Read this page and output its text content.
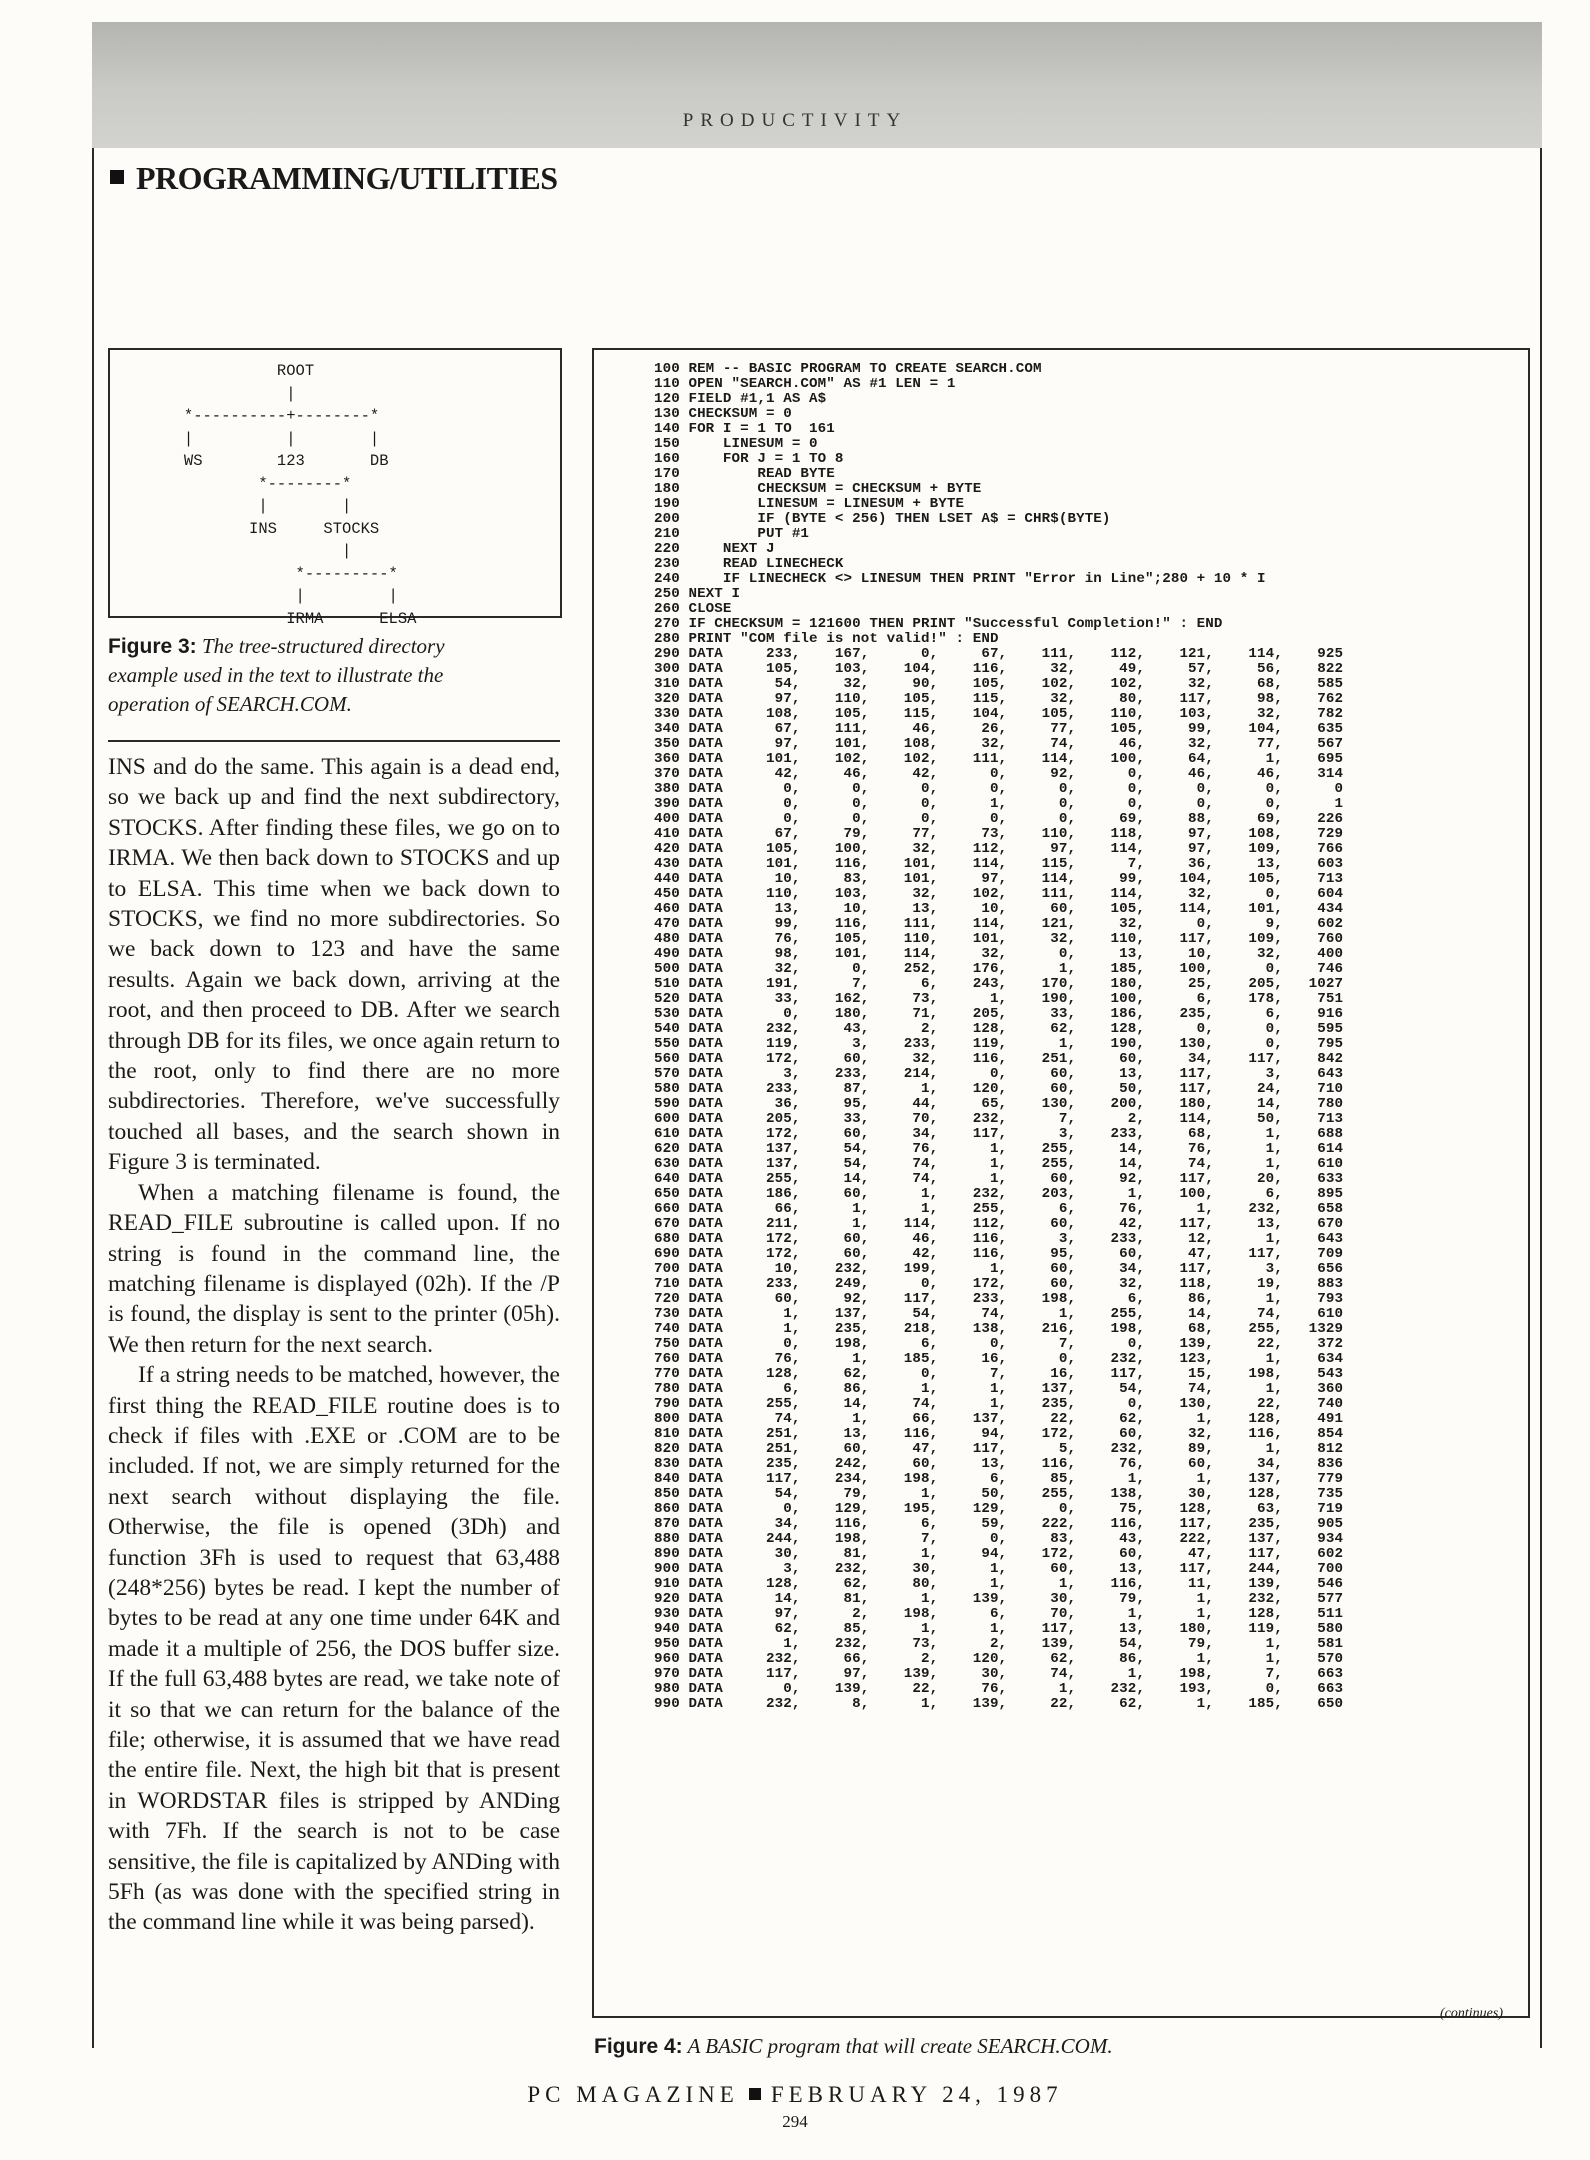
PRODUCTIVITY
PROGRAMMING/UTILITIES
ROOT
|
*----------+--------*
|          |        |
WS        123       DB
*--------*
|        |
INS     STOCKS
|
*---------*
|         |
IRMA      ELSA
Figure 3: The tree-structured directory example used in the text to illustrate the operation of SEARCH.COM.

INS and do the same. This again is a dead end, so we back up and find the next subdirectory, STOCKS. After finding these files, we go on to IRMA. We then back down to STOCKS and up to ELSA. This time when we back down to STOCKS, we find no more subdirectories. So we back down to 123 and have the same results. Again we back down, arriving at the root, and then proceed to DB. After we search through DB for its files, we once again return to the root, only to find there are no more subdirectories. Therefore, we've successfully touched all bases, and the search shown in Figure 3 is terminated.

When a matching filename is found, the READ_FILE subroutine is called upon. If no string is found in the command line, the matching filename is displayed (02h). If the /P is found, the display is sent to the printer (05h). We then return for the next search.

If a string needs to be matched, however, the first thing the READ_FILE routine does is to check if files with .EXE or .COM are to be included. If not, we are simply returned for the next search without displaying the file. Otherwise, the file is opened (3Dh) and function 3Fh is used to request that 63,488 (248*256) bytes be read. I kept the number of bytes to be read at any one time under 64K and made it a multiple of 256, the DOS buffer size. If the full 63,488 bytes are read, we take note of it so that we can return for the balance of the file; otherwise, it is assumed that we have read the entire file. Next, the high bit that is present in WORDSTAR files is stripped by ANDing with 7Fh. If the search is not to be case sensitive, the file is capitalized by ANDing with 5Fh (as was done with the specified string in the command line while it was being parsed).

100 REM -- BASIC PROGRAM TO CREATE SEARCH.COM
110 OPEN "SEARCH.COM" AS #1 LEN = 1
120 FIELD #1,1 AS A$
130 CHECKSUM = 0
140 FOR I = 1 TO  161
150     LINESUM = 0
160     FOR J = 1 TO 8
170         READ BYTE
180         CHECKSUM = CHECKSUM + BYTE
190         LINESUM = LINESUM + BYTE
200         IF (BYTE < 256) THEN LSET A$ = CHR$(BYTE)
210         PUT #1
220     NEXT J
230     READ LINECHECK
240     IF LINECHECK <> LINESUM THEN PRINT "Error in Line";280 + 10 * I
250 NEXT I
260 CLOSE
270 IF CHECKSUM = 121600 THEN PRINT "Successful Completion!" : END
280 PRINT "COM file is not valid!" : END
290 DATA     233,    167,      0,     67,    111,    112,    121,    114,    925
300 DATA     105,    103,    104,    116,     32,     49,     57,     56,    822
310 DATA      54,     32,     90,    105,    102,    102,     32,     68,    585
320 DATA      97,    110,    105,    115,     32,     80,    117,     98,    762
330 DATA     108,    105,    115,    104,    105,    110,    103,     32,    782
340 DATA      67,    111,     46,     26,     77,    105,     99,    104,    635
350 DATA      97,    101,    108,     32,     74,     46,     32,     77,    567
360 DATA     101,    102,    102,    111,    114,    100,     64,      1,    695
370 DATA      42,     46,     42,      0,     92,      0,     46,     46,    314
380 DATA       0,      0,      0,      0,      0,      0,      0,      0,      0
390 DATA       0,      0,      0,      1,      0,      0,      0,      0,      1
400 DATA       0,      0,      0,      0,      0,     69,     88,     69,    226
410 DATA      67,     79,     77,     73,    110,    118,     97,    108,    729
420 DATA     105,    100,     32,    112,     97,    114,     97,    109,    766
430 DATA     101,    116,    101,    114,    115,      7,     36,     13,    603
440 DATA      10,     83,    101,     97,    114,     99,    104,    105,    713
450 DATA     110,    103,     32,    102,    111,    114,     32,      0,    604
460 DATA      13,     10,     13,     10,     60,    105,    114,    101,    434
470 DATA      99,    116,    111,    114,    121,     32,      0,      9,    602
480 DATA      76,    105,    110,    101,     32,    110,    117,    109,    760
490 DATA      98,    101,    114,     32,      0,     13,     10,     32,    400
500 DATA      32,      0,    252,    176,      1,    185,    100,      0,    746
510 DATA     191,      7,      6,    243,    170,    180,     25,    205,   1027
520 DATA      33,    162,     73,      1,    190,    100,      6,    178,    751
530 DATA       0,    180,     71,    205,     33,    186,    235,      6,    916
540 DATA     232,     43,      2,    128,     62,    128,      0,      0,    595
550 DATA     119,      3,    233,    119,      1,    190,    130,      0,    795
560 DATA     172,     60,     32,    116,    251,     60,     34,    117,    842
570 DATA       3,    233,    214,      0,     60,     13,    117,      3,    643
580 DATA     233,     87,      1,    120,     60,     50,    117,     24,    710
590 DATA      36,     95,     44,     65,    130,    200,    180,     14,    780
600 DATA     205,     33,     70,    232,      7,      2,    114,     50,    713
610 DATA     172,     60,     34,    117,      3,    233,     68,      1,    688
620 DATA     137,     54,     76,      1,    255,     14,     76,      1,    614
630 DATA     137,     54,     74,      1,    255,     14,     74,      1,    610
640 DATA     255,     14,     74,      1,     60,     92,    117,     20,    633
650 DATA     186,     60,      1,    232,    203,      1,    100,      6,    895
660 DATA      66,      1,      1,    255,      6,     76,      1,    232,    658
670 DATA     211,      1,    114,    112,     60,     42,    117,     13,    670
680 DATA     172,     60,     46,    116,      3,    233,     12,      1,    643
690 DATA     172,     60,     42,    116,     95,     60,     47,    117,    709
700 DATA      10,    232,    199,      1,     60,     34,    117,      3,    656
710 DATA     233,    249,      0,    172,     60,     32,    118,     19,    883
720 DATA      60,     92,    117,    233,    198,      6,     86,      1,    793
730 DATA       1,    137,     54,     74,      1,    255,     14,     74,    610
740 DATA       1,    235,    218,    138,    216,    198,     68,    255,   1329
750 DATA       0,    198,      6,      0,      7,      0,    139,     22,    372
760 DATA      76,      1,    185,     16,      0,    232,    123,      1,    634
770 DATA     128,     62,      0,      7,     16,    117,     15,    198,    543
780 DATA       6,     86,      1,      1,    137,     54,     74,      1,    360
790 DATA     255,     14,     74,      1,    235,      0,    130,     22,    740
800 DATA      74,      1,     66,    137,     22,     62,      1,    128,    491
810 DATA     251,     13,    116,     94,    172,     60,     32,    116,    854
820 DATA     251,     60,     47,    117,      5,    232,     89,      1,    812
830 DATA     235,    242,     60,     13,    116,     76,     60,     34,    836
840 DATA     117,    234,    198,      6,     85,      1,      1,    137,    779
850 DATA      54,     79,      1,     50,    255,    138,     30,    128,    735
860 DATA       0,    129,    195,    129,      0,     75,    128,     63,    719
870 DATA      34,    116,      6,     59,    222,    116,    117,    235,    905
880 DATA     244,    198,      7,      0,     83,     43,    222,    137,    934
890 DATA      30,     81,      1,     94,    172,     60,     47,    117,    602
900 DATA       3,    232,     30,      1,     60,     13,    117,    244,    700
910 DATA     128,     62,     80,      1,      1,    116,     11,    139,    546
920 DATA      14,     81,      1,    139,     30,     79,      1,    232,    577
930 DATA      97,      2,    198,      6,     70,      1,      1,    128,    511
940 DATA      62,     85,      1,      1,    117,     13,    180,    119,    580
950 DATA       1,    232,     73,      2,    139,     54,     79,      1,    581
960 DATA     232,     66,      2,    120,     62,     86,      1,      1,    570
970 DATA     117,     97,    139,     30,     74,      1,    198,      7,    663
980 DATA       0,    139,     22,     76,      1,    232,    193,      0,    663
990 DATA     232,      8,      1,    139,     22,     62,      1,    185,    650
(continues)
Figure 4: A BASIC program that will create SEARCH.COM.
PC MAGAZINE FEBRUARY 24, 1987
294
